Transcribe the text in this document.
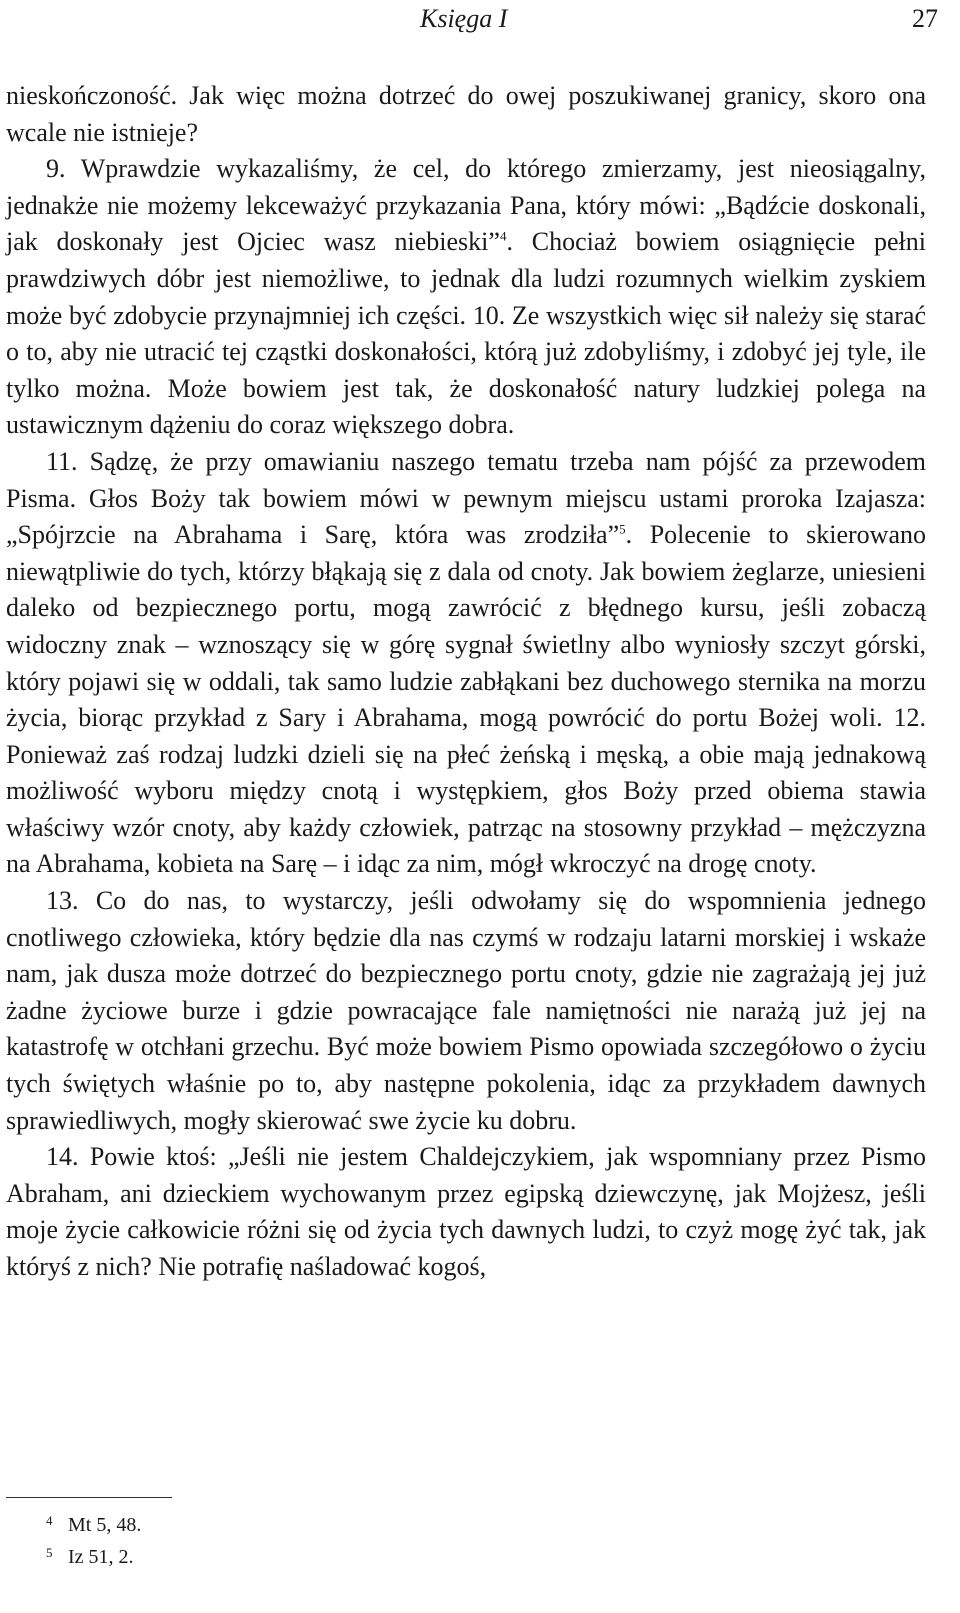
Księga I	27

nieskończoność. Jak więc można dotrzeć do owej poszukiwanej granicy, skoro ona wcale nie istnieje?

9. Wprawdzie wykazaliśmy, że cel, do którego zmierzamy, jest nieosiągalny, jednakże nie możemy lekceważyć przykazania Pana, który mówi: „Bądźcie doskonali, jak doskonały jest Ojciec wasz niebieski”$^4$. Chociaż bowiem osiągnięcie pełni prawdziwych dóbr jest niemożliwe, to jednak dla ludzi rozumnych wielkim zyskiem może być zdobycie przynajmniej ich części. 10. Ze wszystkich więc sił należy się starać o to, aby nie utracić tej cząstki doskonałości, którą już zdobyliśmy, i zdobyć jej tyle, ile tylko można. Może bowiem jest tak, że doskonałość natury ludzkiej polega na ustawicznym dążeniu do coraz większego dobra.

11. Sądzę, że przy omawianiu naszego tematu trzeba nam pójść za przewodem Pisma. Głos Boży tak bowiem mówi w pewnym miejscu ustami proroka Izajasza: „Spójrzcie na Abrahama i Sarę, która was zrodziła”$^5$. Polecenie to skierowano niewątpliwie do tych, którzy błąkają się z dala od cnoty. Jak bowiem żeglarze, uniesieni daleko od bezpiecznego portu, mogą zawrócić z błędnego kursu, jeśli zobaczą widoczny znak – wznoszący się w górę sygnał świetlny albo wyniosły szczyt górski, który pojawi się w oddali, tak samo ludzie zabłąkani bez duchowego sternika na morzu życia, biorąc przykład z Sary i Abrahama, mogą powrócić do portu Bożej woli. 12. Ponieważ zaś rodzaj ludzki dzieli się na płeć żeńską i męską, a obie mają jednakową możliwość wyboru między cnotą i występkiem, głos Boży przed obiema stawia właściwy wzór cnoty, aby każdy człowiek, patrząc na stosowny przykład – mężczyzna na Abrahama, kobieta na Sarę – i idąc za nim, mógł wkroczyć na drogę cnoty.

13. Co do nas, to wystarczy, jeśli odwołamy się do wspomnienia jednego cnotliwego człowieka, który będzie dla nas czymś w rodzaju latarni morskiej i wskaże nam, jak dusza może dotrzeć do bezpiecznego portu cnoty, gdzie nie zagrażają jej już żadne życiowe burze i gdzie powracające fale namiętności nie narażą już jej na katastrofę w otchłani grzechu. Być może bowiem Pismo opowiada szczegółowo o życiu tych świętych właśnie po to, aby następne pokolenia, idąc za przykładem dawnych sprawiedliwych, mogły skierować swe życie ku dobru.

14. Powie ktoś: „Jeśli nie jestem Chaldejczykiem, jak wspomniany przez Pismo Abraham, ani dzieckiem wychowanym przez egipską dziewczynę, jak Mojżesz, jeśli moje życie całkowicie różni się od życia tych dawnych ludzi, to czyż mogę żyć tak, jak któryś z nich? Nie potrafię naśladować kogoś,

4 Mt 5, 48.
5 Iz 51, 2.
